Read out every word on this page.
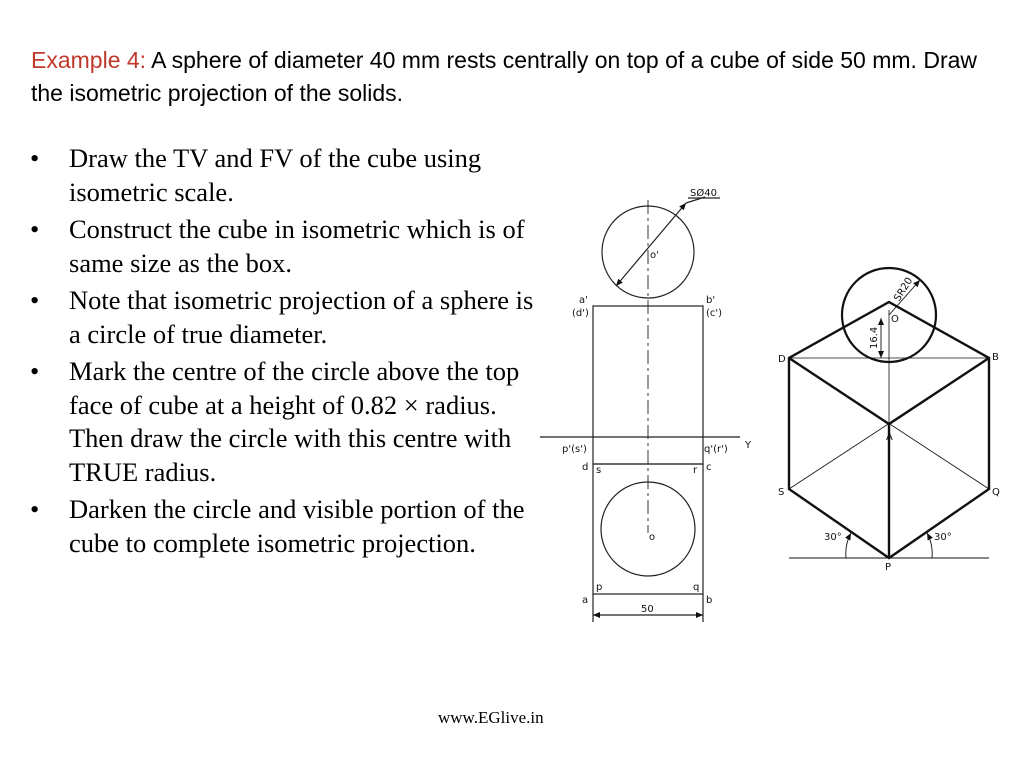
Example 4: A sphere of diameter 40 mm rests centrally on top of a cube of side 50 mm. Draw the isometric projection of the solids.
• Draw the TV and FV of the cube using isometric scale.
• Construct the cube in isometric which is of same size as the box.
• Note that isometric projection of a sphere is a circle of true diameter.
• Mark the centre of the circle above the top face of cube at a height of 0.82 × radius. Then draw the circle with this centre with TRUE radius.
• Darken the circle and visible portion of the cube to complete isometric projection.
SØ40
o'
a'
(d')
b'
(c')
p'(s')	q'(r') Y
d s	r c
o
p	q
a	b
50
SR20
O
16.4
D	B
A
S	Q
P
30°	30°
www.EGlive.in
